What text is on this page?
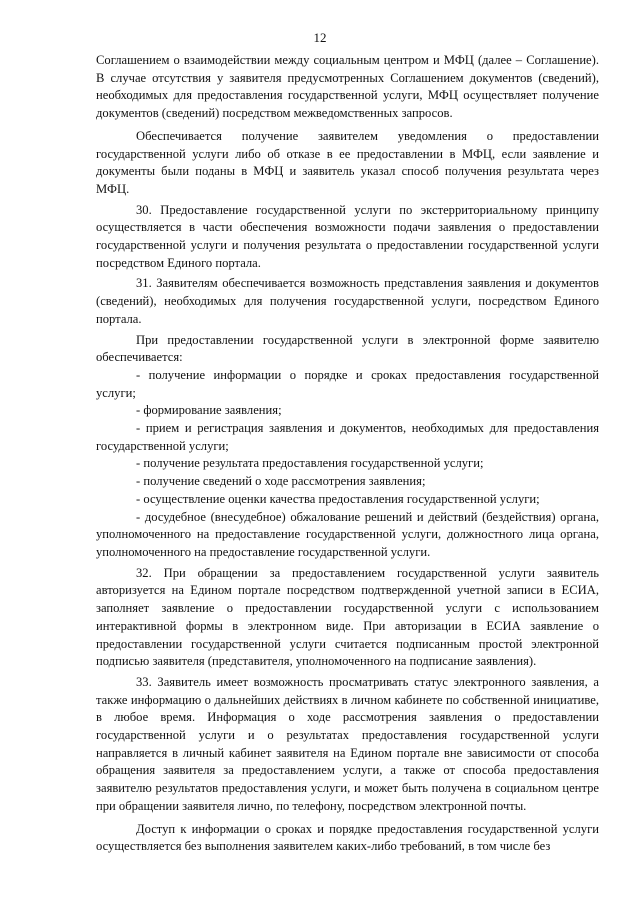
12

Соглашением о взаимодействии между социальным центром и МФЦ (далее – Соглашение). В случае отсутствия у заявителя предусмотренных Соглашением документов (сведений), необходимых для предоставления государственной услуги, МФЦ осуществляет получение документов (сведений) посредством межведомственных запросов.

Обеспечивается получение заявителем уведомления о предоставлении государственной услуги либо об отказе в ее предоставлении в МФЦ, если заявление и документы были поданы в МФЦ и заявитель указал способ получения результата через МФЦ.

30. Предоставление государственной услуги по экстерриториальному принципу осуществляется в части обеспечения возможности подачи заявления о предоставлении государственной услуги и получения результата о предоставлении государственной услуги посредством Единого портала.

31. Заявителям обеспечивается возможность представления заявления и документов (сведений), необходимых для получения государственной услуги, посредством Единого портала.

При предоставлении государственной услуги в электронной форме заявителю обеспечивается:

- получение информации о порядке и сроках предоставления государственной услуги;

- формирование заявления;

- прием и регистрация заявления и документов, необходимых для предоставления государственной услуги;

- получение результата предоставления государственной услуги;

- получение сведений о ходе рассмотрения заявления;

- осуществление оценки качества предоставления государственной услуги;

- досудебное (внесудебное) обжалование решений и действий (бездействия) органа, уполномоченного на предоставление государственной услуги, должностного лица органа, уполномоченного на предоставление государственной услуги.

32. При обращении за предоставлением государственной услуги заявитель авторизуется на Едином портале посредством подтвержденной учетной записи в ЕСИА, заполняет заявление о предоставлении государственной услуги с использованием интерактивной формы в электронном виде. При авторизации в ЕСИА заявление о предоставлении государственной услуги считается подписанным простой электронной подписью заявителя (представителя, уполномоченного на подписание заявления).

33. Заявитель имеет возможность просматривать статус электронного заявления, а также информацию о дальнейших действиях в личном кабинете по собственной инициативе, в любое время. Информация о ходе рассмотрения заявления о предоставлении государственной услуги и о результатах предоставления государственной услуги направляется в личный кабинет заявителя на Едином портале вне зависимости от способа обращения заявителя за предоставлением услуги, а также от способа предоставления заявителю результатов предоставления услуги, и может быть получена в социальном центре при обращении заявителя лично, по телефону, посредством электронной почты.

Доступ к информации о сроках и порядке предоставления государственной услуги осуществляется без выполнения заявителем каких-либо требований, в том числе без
